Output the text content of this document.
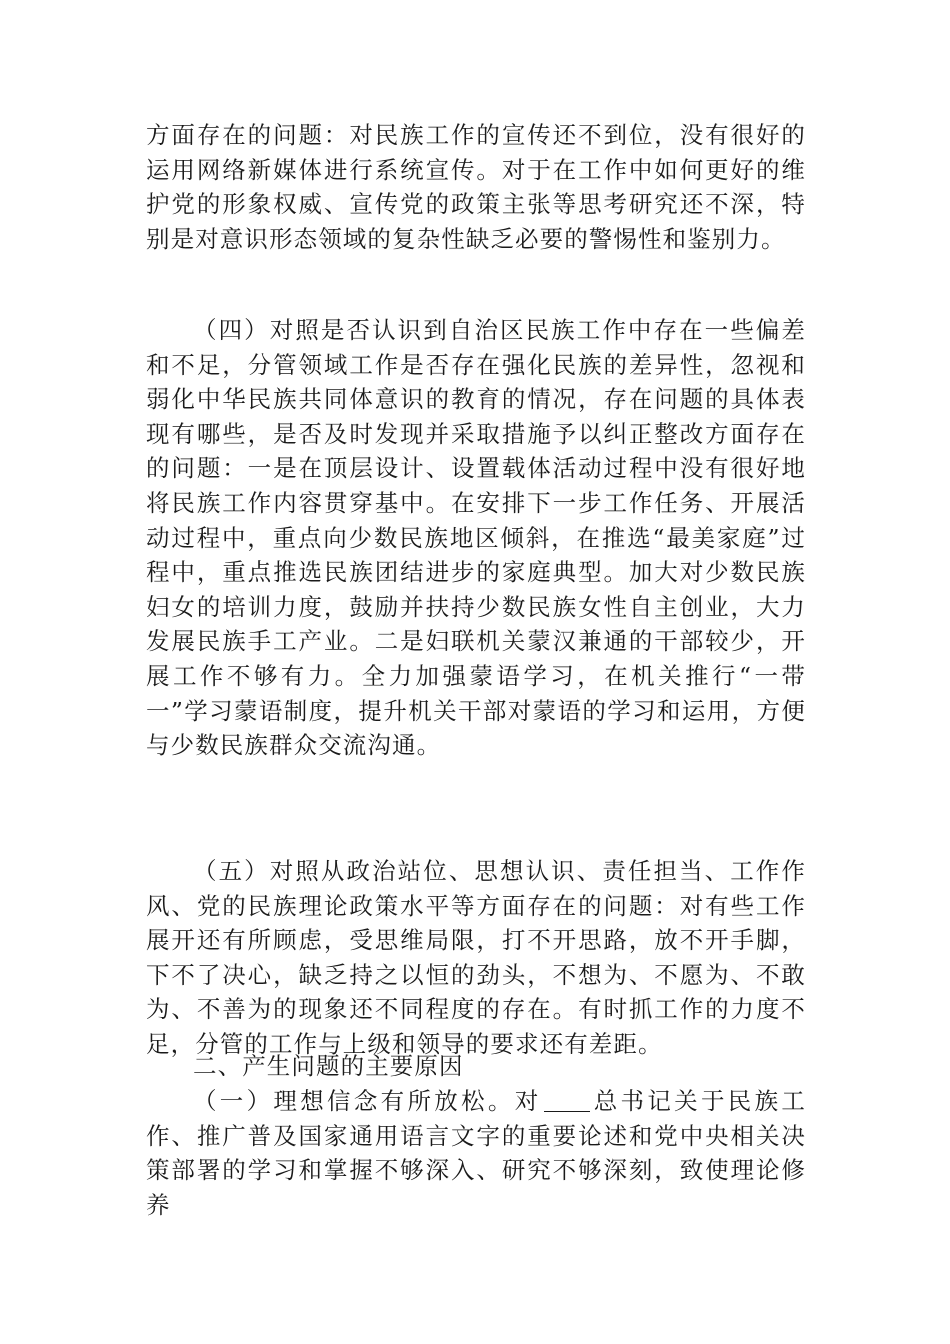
方面存在的问题：对民族工作的宣传还不到位，没有很好的运用网络新媒体进行系统宣传。对于在工作中如何更好的维护党的形象权威、宣传党的政策主张等思考研究还不深，特别是对意识形态领域的复杂性缺乏必要的警惕性和鉴别力。

（四）对照是否认识到自治区民族工作中存在一些偏差和不足，分管领域工作是否存在强化民族的差异性，忽视和弱化中华民族共同体意识的教育的情况，存在问题的具体表现有哪些，是否及时发现并采取措施予以纠正整改方面存在的问题：一是在顶层设计、设置载体活动过程中没有很好地将民族工作内容贯穿基中。在安排下一步工作任务、开展活动过程中，重点向少数民族地区倾斜，在推选“最美家庭”过程中，重点推选民族团结进步的家庭典型。加大对少数民族妇女的培训力度，鼓励并扶持少数民族女性自主创业，大力发展民族手工产业。二是妇联机关蒙汉兼通的干部较少，开展工作不够有力。全力加强蒙语学习，在机关推行“一带一”学习蒙语制度，提升机关干部对蒙语的学习和运用，方便与少数民族群众交流沟通。

（五）对照从政治站位、思想认识、责任担当、工作作风、党的民族理论政策水平等方面存在的问题：对有些工作展开还有所顾虑，受思维局限，打不开思路，放不开手脚，下不了决心，缺乏持之以恒的劲头，不想为、不愿为、不敢为、不善为的现象还不同程度的存在。有时抓工作的力度不足，分管的工作与上级和领导的要求还有差距。

二、产生问题的主要原因

（一）理想信念有所放松。对 总书记关于民族工作、推广普及国家通用语言文字的重要论述和党中央相关决策部署的学习和掌握不够深入、研究不够深刻，致使理论修养
